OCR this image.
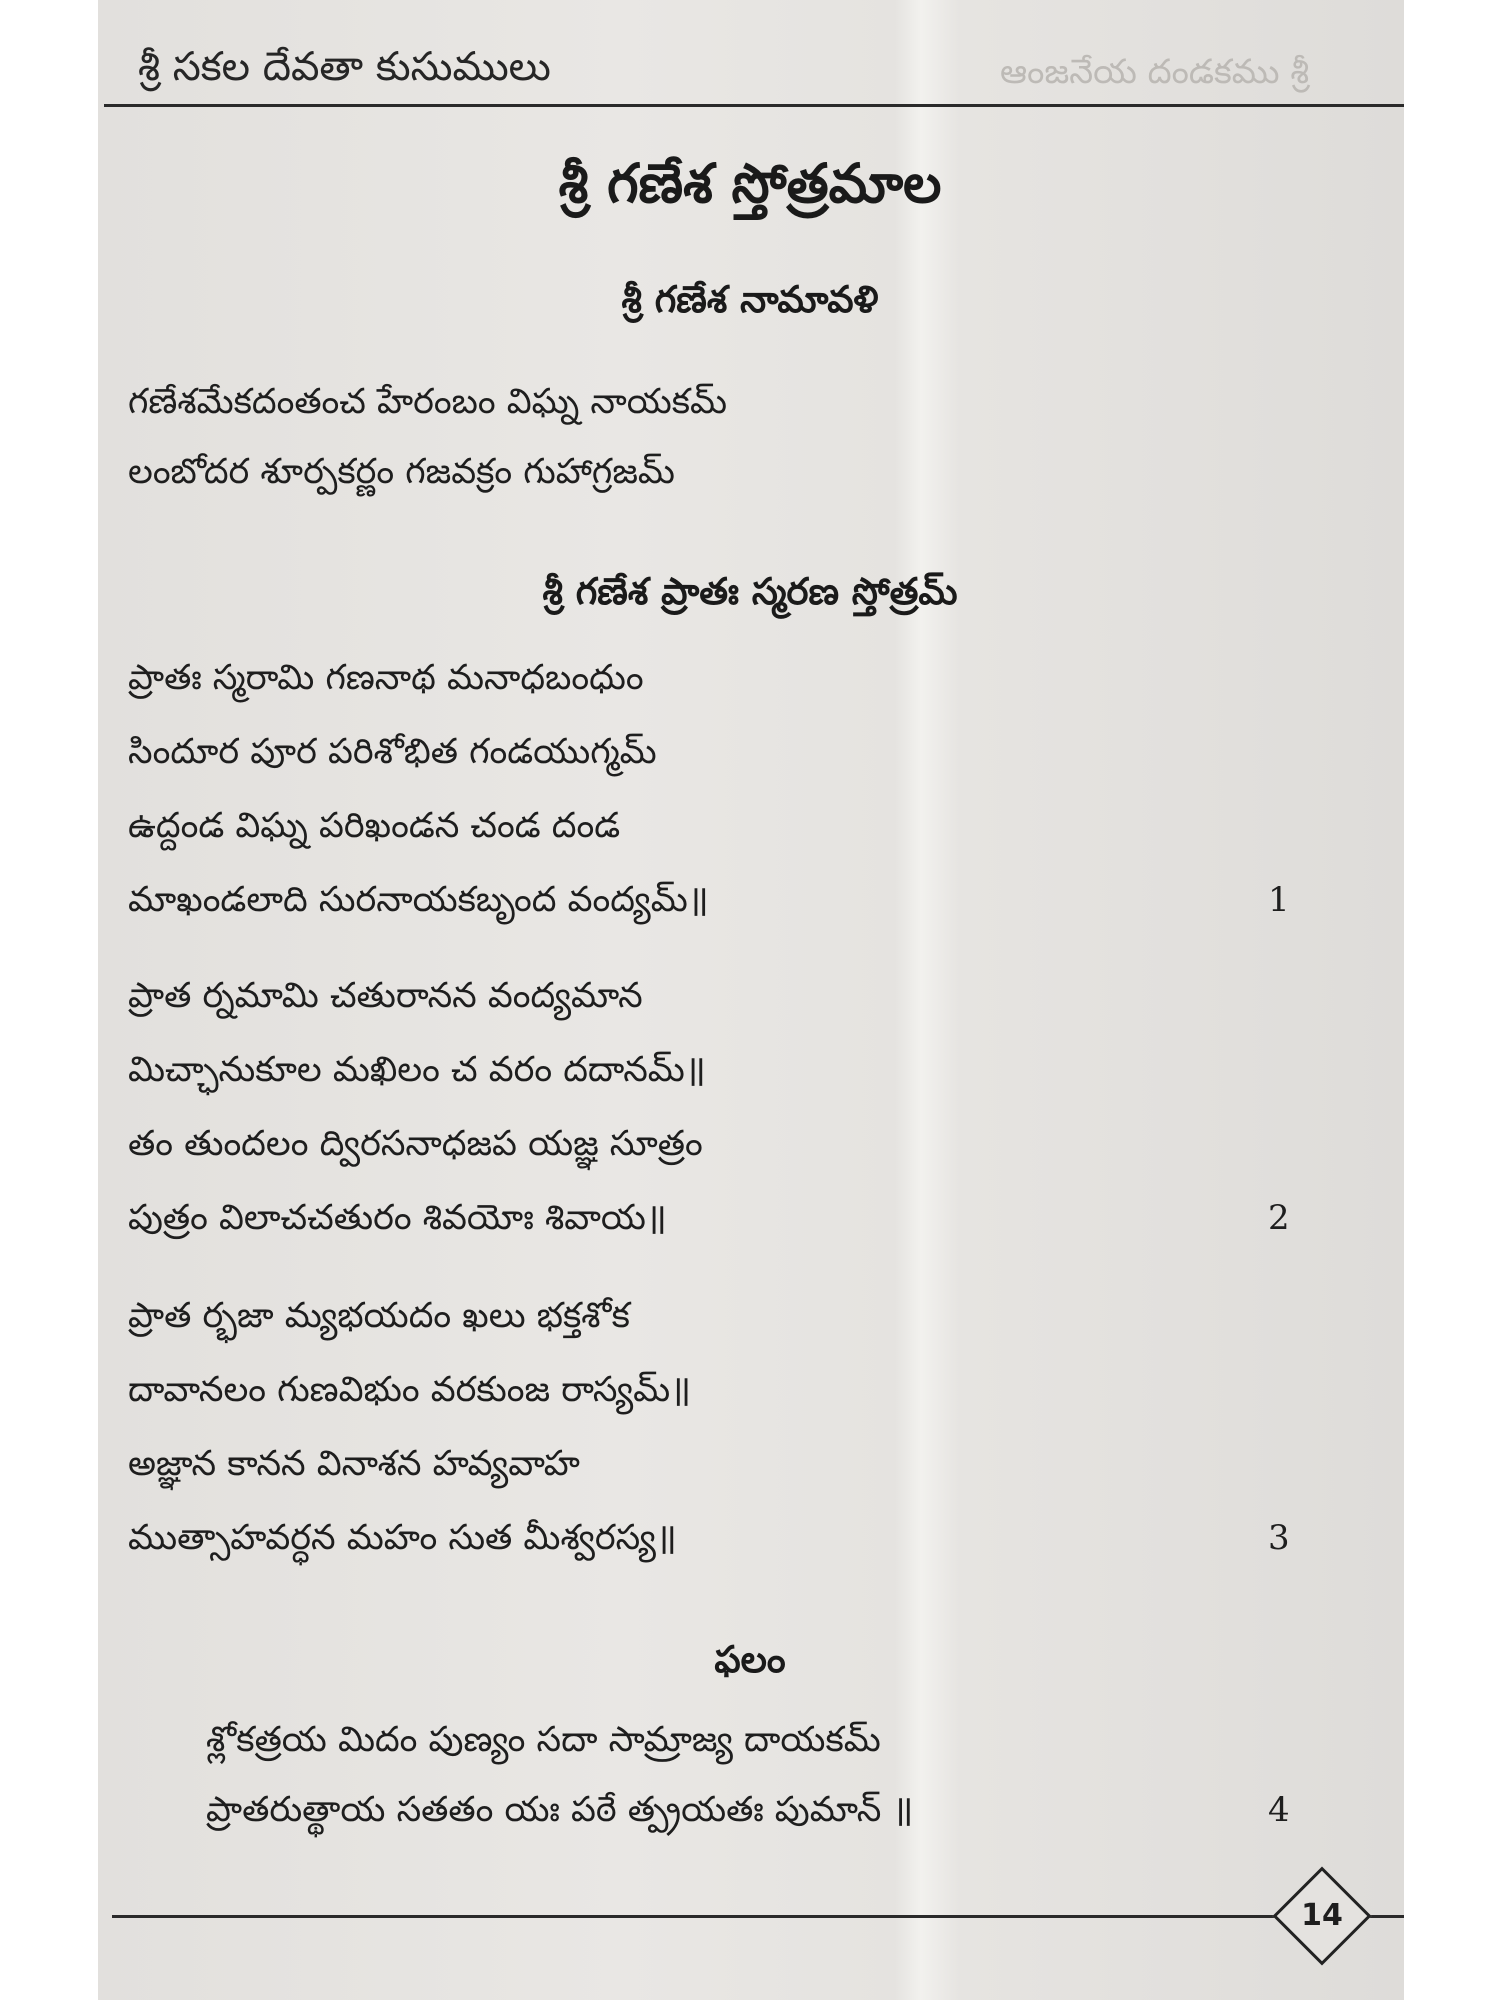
ఆంజనేయ దండకము శ్రీ
శ్రీ సకల దేవతా కుసుములు
శ్రీ గణేశ స్తోత్రమాల
శ్రీ గణేశ నామావళి
గణేశమేకదంతంచ హేరంబం విఘ్న నాయకమ్
లంబోదర శూర్పకర్ణం గజవక్రం గుహాగ్రజమ్
శ్రీ గణేశ ప్రాతః స్మరణ స్తోత్రమ్
ప్రాతః స్మరామి గణనాథ మనాధబంధుం
సిందూర పూర పరిశోభిత గండయుగ్మమ్
ఉద్దండ విఘ్న పరిఖండన చండ దండ
మాఖండలాది సురనాయకబృంద వంద్యమ్॥	1
ప్రాత ర్నమామి చతురానన వంద్యమాన
మిచ్ఛానుకూల మఖిలం చ వరం దదానమ్॥
తం తుందలం ద్విరసనాధజప యజ్ఞ సూత్రం
పుత్రం విలాచచతురం శివయోః శివాయ॥	2
ప్రాత ర్భజా మ్యభయదం ఖలు భక్తశోక
దావానలం గుణవిభుం వరకుంజ రాస్యమ్॥
అజ్ఞాన కానన వినాశన హవ్యవాహ
ముత్సాహవర్ధన మహం సుత మీశ్వరస్య॥	3
ఫలం
శ్లోకత్రయ మిదం పుణ్యం సదా సామ్రాజ్య దాయకమ్
ప్రాతరుత్థాయ సతతం యః పఠే త్ప్రయతః పుమాన్ ॥	4
14
